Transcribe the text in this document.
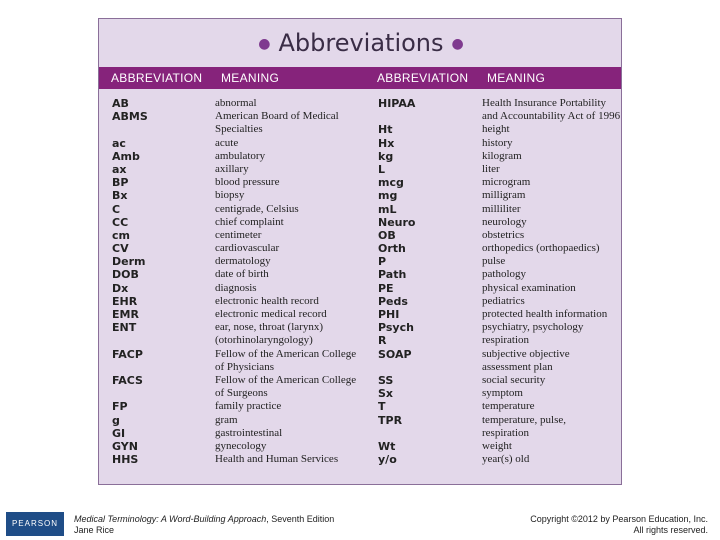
● Abbreviations ●
ABBREVIATION MEANING	ABBREVIATION MEANING
AB
ABMS
ac
Amb
ax
BP
Bx
C
CC
cm
CV
Derm
DOB
Dx
EHR
EMR
ENT
FACP
FACS
FP
g
GI
GYN
HHS
abnormal
American Board of Medical
Specialties
acute
ambulatory
axillary
blood pressure
biopsy
centigrade, Celsius
chief complaint
centimeter
cardiovascular
dermatology
date of birth
diagnosis
electronic health record
electronic medical record
ear, nose, throat (larynx)
(otorhinolaryngology)
Fellow of the American College
of Physicians
Fellow of the American College
of Surgeons
family practice
gram
gastrointestinal
gynecology
Health and Human Services
HIPAA
Ht
Hx
kg
L
mcg
mg
mL
Neuro
OB
Orth
P
Path
PE
Peds
PHI
Psych
R
SOAP
SS
Sx
T
TPR
Wt
y/o
Health Insurance Portability
and Accountability Act of 1996
height
history
kilogram
liter
microgram
milligram
milliliter
neurology
obstetrics
orthopedics (orthopaedics)
pulse
pathology
physical examination
pediatrics
protected health information
psychiatry, psychology
respiration
subjective objective
assessment plan
social security
symptom
temperature
temperature, pulse,
respiration
weight
year(s) old
PEARSON	Medical Terminology: A Word-Building Approach, Seventh Edition
Jane Rice
Copyright ©2012 by Pearson Education, Inc.
All rights reserved.
